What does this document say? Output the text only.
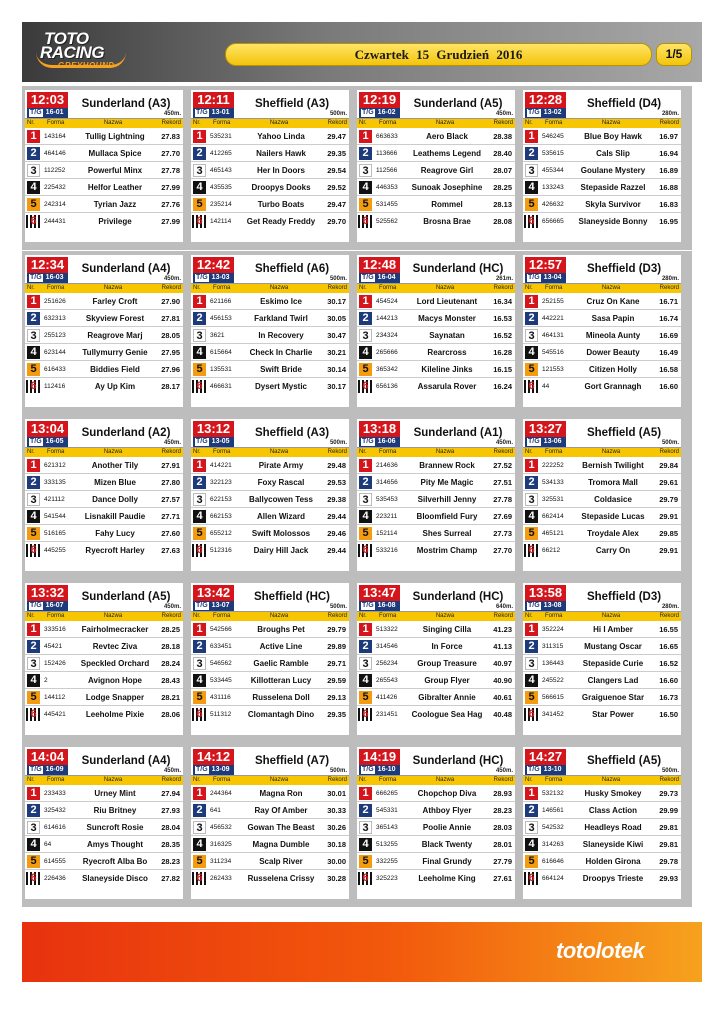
TOTO
RACING
GREYHOUND
Czwartek 15 Grudzień 2016	1/5
12:03
T/G 16-01
Sunderland (A3)
450m.
Nr. Forma	Nazwa	Rekord
1	143164	Tullig Lightning	27.83
2	464146	Mullaca Spice	27.70
3	112252	Powerful Minx	27.78
4	225432	Helfor Leather	27.99
5	242314	Tyrian Jazz	27.76
6	244431	Privilege	27.99
12:11
T/G 13-01
Sheffield (A3)
500m.
Nr. Forma	Nazwa	Rekord
1	535231	Yahoo Linda	29.47
2	412265	Nailers Hawk	29.35
3	465143	Her In Doors	29.54
4	435535	Droopys Dooks	29.52
5	235214	Turbo Boats	29.47
6	142114	Get Ready Freddy	29.70
12:19
T/G 16-02
Sunderland (A5)
450m.
Nr. Forma	Nazwa	Rekord
1	663633	Aero Black	28.38
2	113666	Leathems Legend	28.40
3	112566	Reagrove Girl	28.07
4	446353	Sunoak Josephine	28.25
5	531455	Rommel	28.13
6	525562	Brosna Brae	28.08
12:28
T/G 13-02
Sheffield (D4)
280m.
Nr. Forma	Nazwa	Rekord
1	546245	Blue Boy Hawk	16.97
2	535615	Cals Slip	16.94
3	455344	Goulane Mystery	16.89
4	133243	Stepaside Razzel	16.88
5	426632	Skyla Survivor	16.83
6	656665	Slaneyside Bonny	16.95
12:34
T/G 16-03
Sunderland (A4)
450m.
Nr. Forma	Nazwa	Rekord
1	251626	Farley Croft	27.90
2	632313	Skyview Forest	27.81
3	255123	Reagrove Marj	28.05
4	623144	Tullymurry Genie	27.95
5	616433	Biddies Field	27.96
6	112416	Ay Up Kim	28.17
12:42
T/G 13-03
Sheffield (A6)
500m.
Nr. Forma	Nazwa	Rekord
1	621166	Eskimo Ice	30.17
2	456153	Farkland Twirl	30.05
3	3621	In Recovery	30.47
4	615664	Check In Charlie	30.21
5	135531	Swift Bride	30.14
6	466631	Dysert Mystic	30.17
12:48
T/G 16-04
Sunderland (HC)
261m.
Nr. Forma	Nazwa	Rekord
1	454524	Lord Lieutenant	16.34
2	144213	Macys Monster	16.53
3	234324	Saynatan	16.52
4	265666	Rearcross	16.28
5	365342	Kileline Jinks	16.15
6	656136	Assarula Rover	16.24
12:57
T/G 13-04
Sheffield (D3)
280m.
Nr. Forma	Nazwa	Rekord
1	252155	Cruz On Kane	16.71
2	442221	Sasa Papin	16.74
3	464131	Mineola Aunty	16.69
4	545516	Dower Beauty	16.49
5	121553	Citizen Holly	16.58
6	44	Gort Grannagh	16.60
13:04
T/G 16-05
Sunderland (A2)
450m.
Nr. Forma	Nazwa	Rekord
1	621312	Another Tily	27.91
2	333135	Mizen Blue	27.80
3	421112	Dance Dolly	27.57
4	541544	Lisnakill Paudie	27.71
5	516165	Fahy Lucy	27.60
6	445255	Ryecroft Harley	27.63
13:12
T/G 13-05
Sheffield (A3)
500m.
Nr. Forma	Nazwa	Rekord
1	414221	Pirate Army	29.48
2	322123	Foxy Rascal	29.53
3	622153	Ballycowen Tess	29.38
4	662153	Allen Wizard	29.44
5	655212	Swift Molossos	29.46
6	512316	Dairy Hill Jack	29.44
13:18
T/G 16-06
Sunderland (A1)
450m.
Nr. Forma	Nazwa	Rekord
1	214636	Brannew Rock	27.52
2	314656	Pity Me Magic	27.51
3	535453	Silverhill Jenny	27.78
4	223211	Bloomfield Fury	27.69
5	152114	Shes Surreal	27.73
6	533216	Mostrim Champ	27.70
13:27
T/G 13-06
Sheffield (A5)
500m.
Nr. Forma	Nazwa	Rekord
1	222252	Bernish Twilight	29.84
2	534133	Tromora Mall	29.61
3	325531	Coldasice	29.79
4	662414	Stepaside Lucas	29.91
5	465121	Troydale Alex	29.85
6	66212	Carry On	29.91
13:32
T/G 16-07
Sunderland (A5)
450m.
Nr. Forma	Nazwa	Rekord
1	333516	Fairholmecracker	28.25
2	45421	Revtec Ziva	28.18
3	152426	Speckled Orchard	28.24
4	2	Avignon Hope	28.43
5	144112	Lodge Snapper	28.21
6	445421	Leeholme Pixie	28.06
13:42
T/G 13-07
Sheffield (HC)
500m.
Nr. Forma	Nazwa	Rekord
1	542566	Broughs Pet	29.79
2	633451	Active Line	29.89
3	546562	Gaelic Ramble	29.71
4	533445	Killotteran Lucy	29.59
5	431116	Russelena Doll	29.13
6	511312	Clomantagh Dino	29.35
13:47
T/G 16-08
Sunderland (HC)
640m.
Nr. Forma	Nazwa	Rekord
1	513322	Singing Cilla	41.23
2	314546	In Force	41.13
3	256234	Group Treasure	40.97
4	265543	Group Flyer	40.90
5	411426	Gibralter Annie	40.61
6	231451	Coologue Sea Hag	40.48
13:58
T/G 13-08
Sheffield (D3)
280m.
Nr. Forma	Nazwa	Rekord
1	352224	Hi I Amber	16.55
2	311315	Mustang Oscar	16.65
3	136443	Stepaside Curie	16.52
4	245522	Clangers Lad	16.60
5	566615	Graiguenoe Star	16.73
6	341452	Star Power	16.50
14:04
T/G 16-09
Sunderland (A4)
450m.
Nr. Forma	Nazwa	Rekord
1	233433	Urney Mint	27.94
2	325432	Riu Britney	27.93
3	614616	Suncroft Rosie	28.04
4	64	Amys Thought	28.35
5	614555	Ryecroft Alba Bo	28.23
6	226436	Slaneyside Disco	27.82
14:12
T/G 13-09
Sheffield (A7)
500m.
Nr. Forma	Nazwa	Rekord
1	244364	Magna Ron	30.01
2	641	Ray Of Amber	30.33
3	456532	Gowan The Beast	30.26
4	316325	Magna Dumble	30.18
5	311234	Scalp River	30.00
6	262433	Russelena Crissy	30.28
14:19
T/G 16-10
Sunderland (HC)
450m.
Nr. Forma	Nazwa	Rekord
1	666265	Chopchop Diva	28.93
2	545331	Athboy Flyer	28.23
3	365143	Poolie Annie	28.03
4	513255	Black Twenty	28.01
5	332255	Final Grundy	27.79
6	325223	Leeholme King	27.61
14:27
T/G 13-10
Sheffield (A5)
500m.
Nr. Forma	Nazwa	Rekord
1	532132	Husky Smokey	29.73
2	146561	Class Action	29.99
3	542532	Headleys Road	29.81
4	314263	Slaneyside Kiwi	29.81
5	616646	Holden Girona	29.78
6	664124	Droopys Trieste	29.93
totolotek
